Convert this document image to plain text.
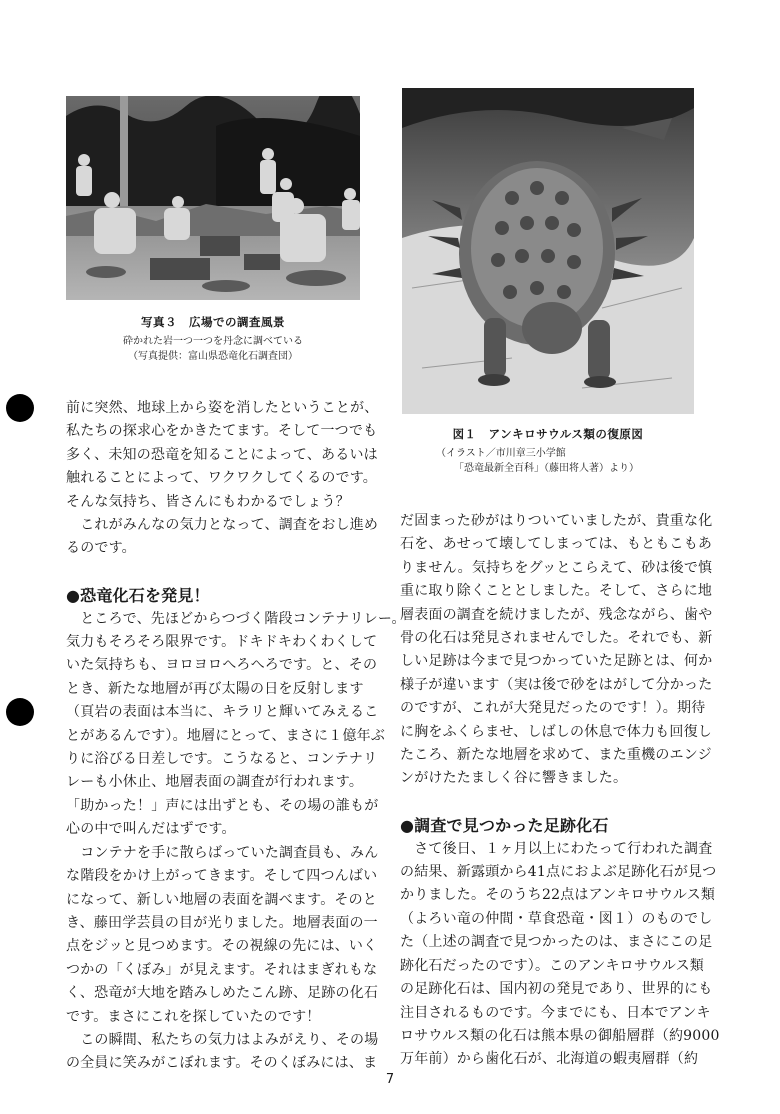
写真３　広場での調査風景
砕かれた岩一つ一つを丹念に調べている
（写真提供：富山県恐竜化石調査団）
図１　アンキロサウルス類の復原図
（イラスト／市川章三小学館
「恐竜最新全百科」（藤田将人著）より）

前に突然、地球上から姿を消したということが、

私たちの探求心をかきたてます。そして一つでも

多く、未知の恐竜を知ることによって、あるいは

触れることによって、ワクワクしてくるのです。

そんな気持ち、皆さんにもわかるでしょう？

　これがみんなの気力となって、調査をおし進め

るのです。

●恐竜化石を発見！

　ところで、先ほどからつづく階段コンテナリレー。

気力もそろそろ限界です。ドキドキわくわくして

いた気持ちも、ヨロヨロへろへろです。と、その

とき、新たな地層が再び太陽の日を反射します

（頁岩の表面は本当に、キラリと輝いてみえるこ

とがあるんです）。地層にとって、まさに１億年ぶ

りに浴びる日差しです。こうなると、コンテナリ

レーも小休止、地層表面の調査が行われます。

「助かった！」声には出ずとも、その場の誰もが

心の中で叫んだはずです。

　コンテナを手に散らばっていた調査員も、みん

な階段をかけ上がってきます。そして四つんばい

になって、新しい地層の表面を調べます。そのと

き、藤田学芸員の目が光りました。地層表面の一

点をジッと見つめます。その視線の先には、いく

つかの「くぼみ」が見えます。それはまぎれもな

く、恐竜が大地を踏みしめたこん跡、足跡の化石

です。まさにこれを探していたのです！

　この瞬間、私たちの気力はよみがえり、その場

の全員に笑みがこぼれます。そのくぼみには、ま

だ固まった砂がはりついていましたが、貴重な化

石を、あせって壊してしまっては、もともこもあ

りません。気持ちをグッとこらえて、砂は後で慎

重に取り除くこととしました。そして、さらに地

層表面の調査を続けましたが、残念ながら、歯や

骨の化石は発見されませんでした。それでも、新

しい足跡は今まで見つかっていた足跡とは、何か

様子が違います（実は後で砂をはがして分かった

のですが、これが大発見だったのです！）。期待

に胸をふくらませ、しばしの休息で体力も回復し

たころ、新たな地層を求めて、また重機のエンジ

ンがけたたましく谷に響きました。

●調査で見つかった足跡化石

　さて後日、１ヶ月以上にわたって行われた調査

の結果、新露頭から41点におよぶ足跡化石が見つ

かりました。そのうち22点はアンキロサウルス類

（よろい竜の仲間・草食恐竜・図１）のものでし

た（上述の調査で見つかったのは、まさにこの足

跡化石だったのです）。このアンキロサウルス類

の足跡化石は、国内初の発見であり、世界的にも

注目されるものです。今までにも、日本でアンキ

ロサウルス類の化石は熊本県の御船層群（約9000

万年前）から歯化石が、北海道の蝦夷層群（約

7
